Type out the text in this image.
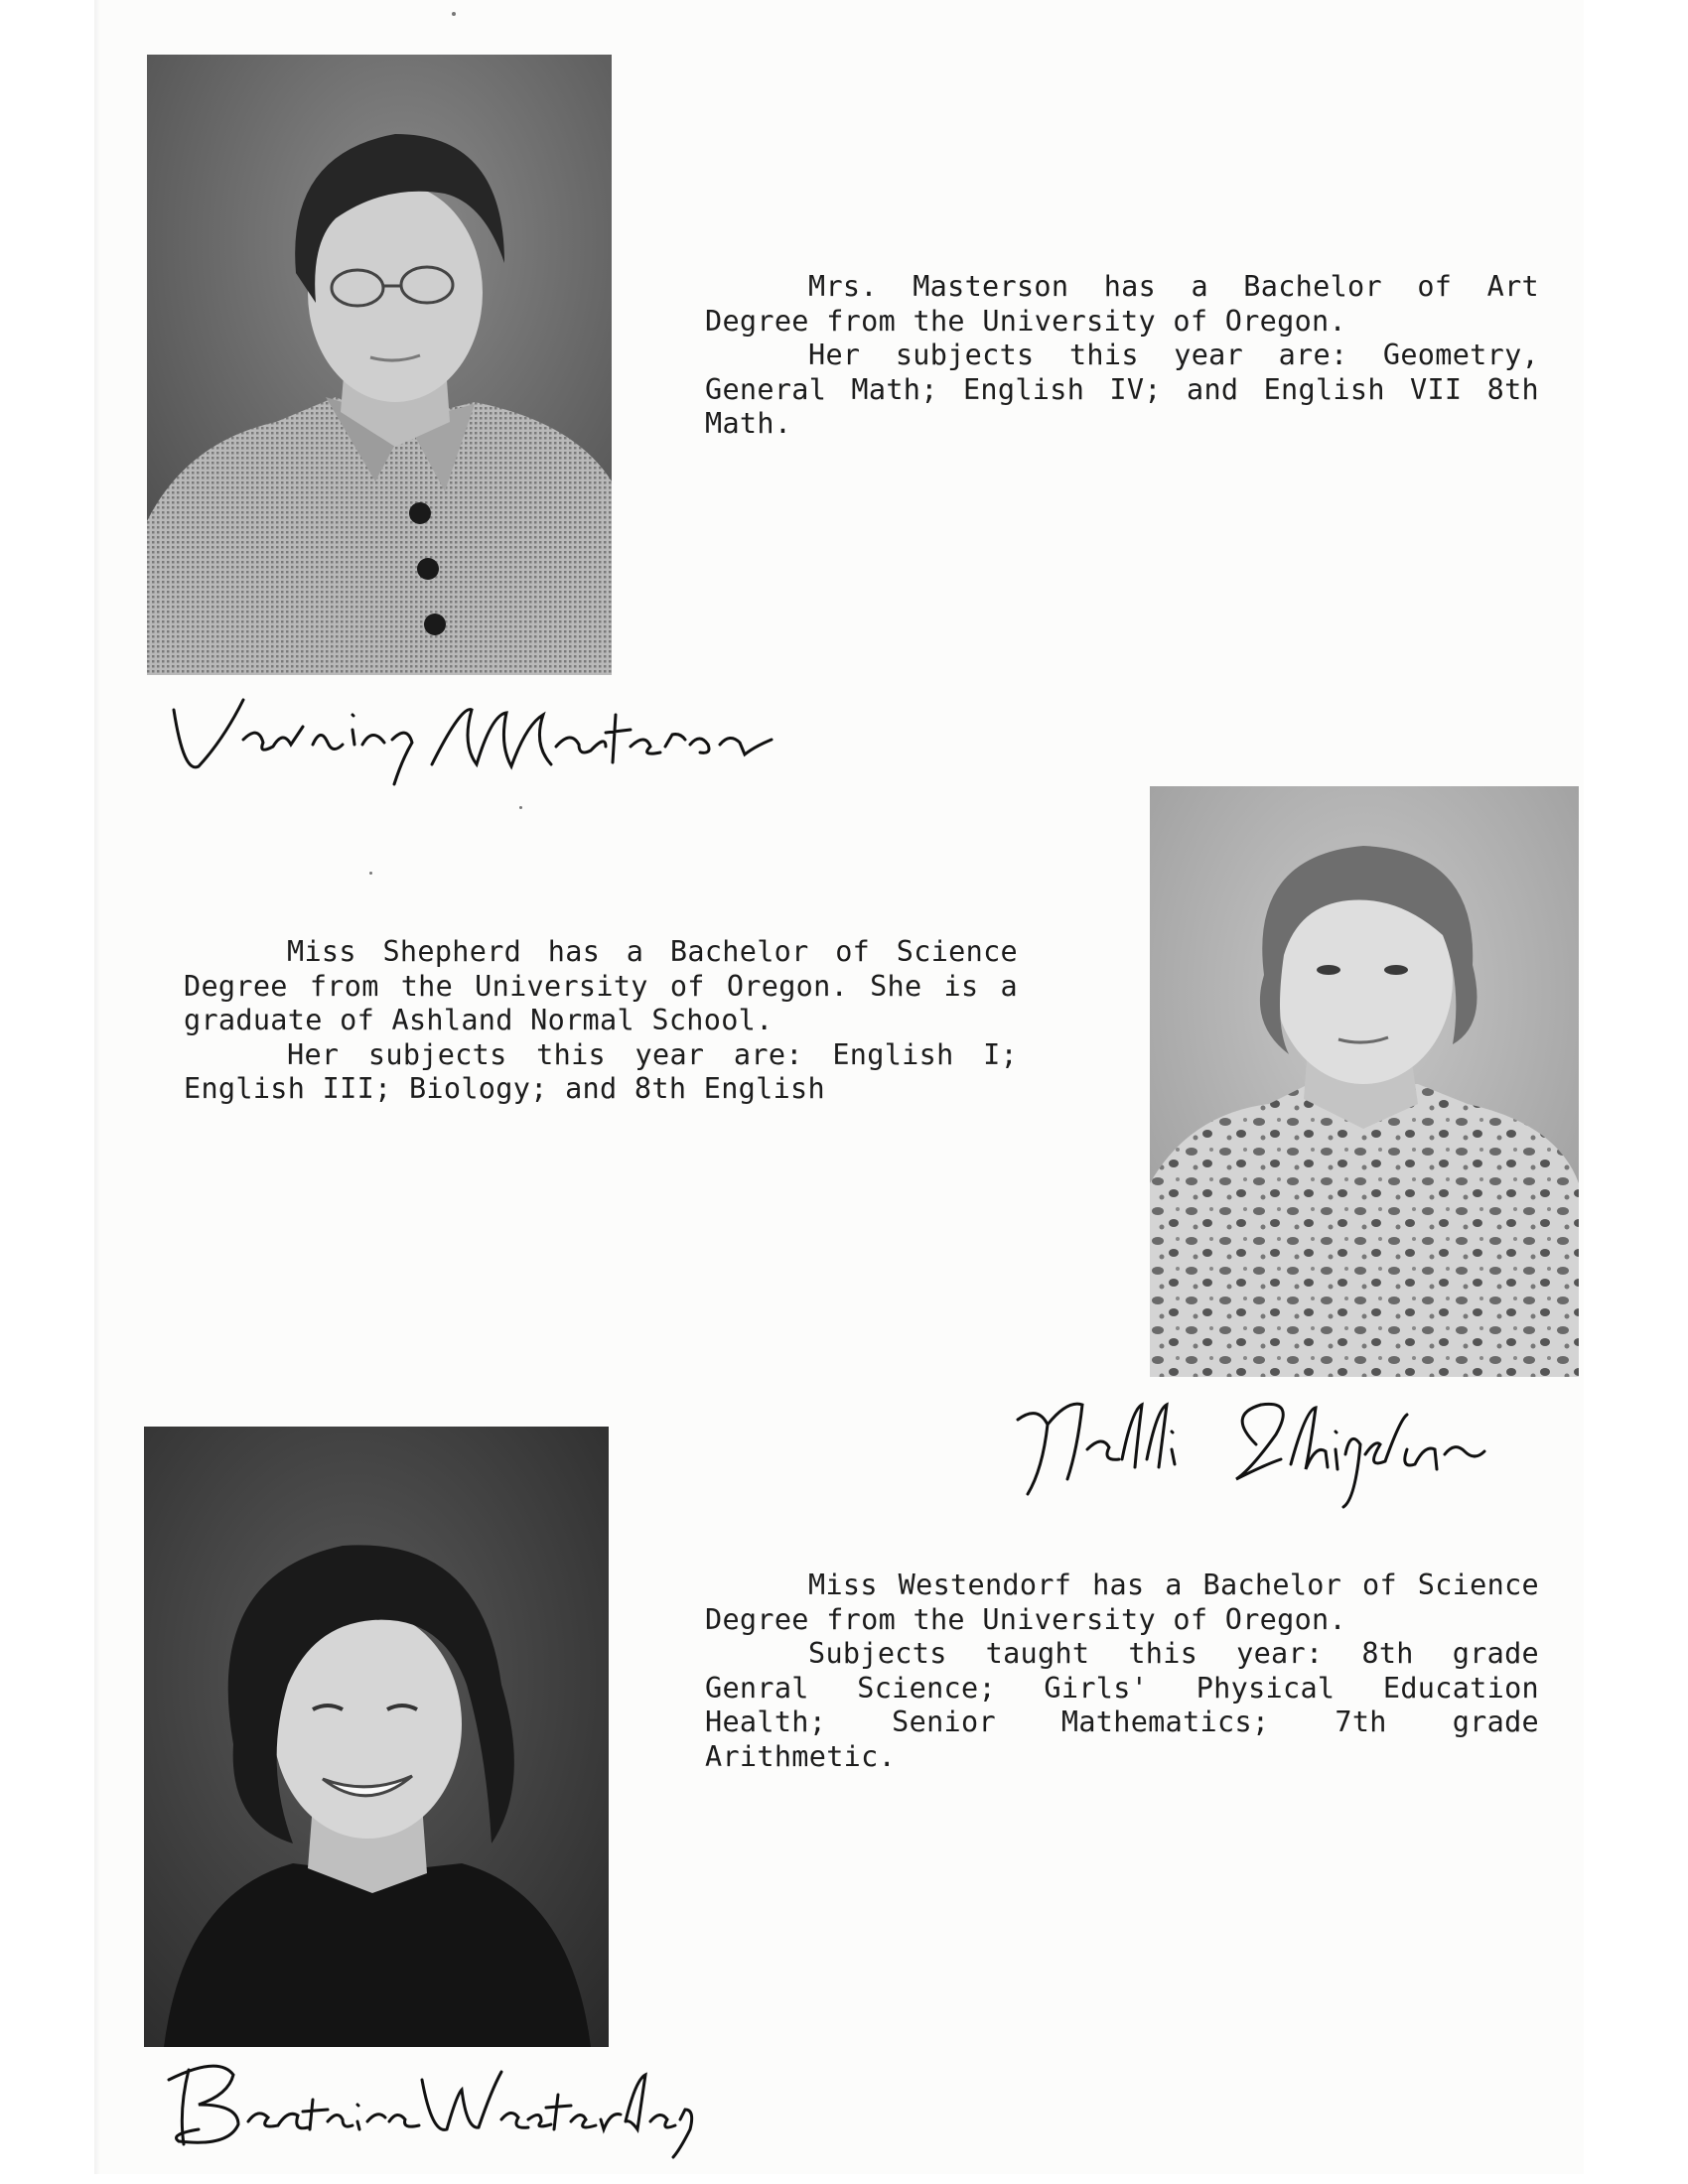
Mrs. Masterson has a Bachelor of Art Degree from the University of Oregon.

Her subjects this year are: Geometry, General Math; English IV; and English VII 8th Math.

Miss Shepherd has a Bachelor of Science Degree from the University of Oregon. She is a graduate of Ashland Normal School.

Her subjects this year are: English I; English III; Biology; and 8th English

Miss Westendorf has a Bachelor of Science Degree from the University of Oregon.

Subjects taught this year: 8th grade Genral Science; Girls' Physical Education Health; Senior Mathematics; 7th grade Arithmetic.
